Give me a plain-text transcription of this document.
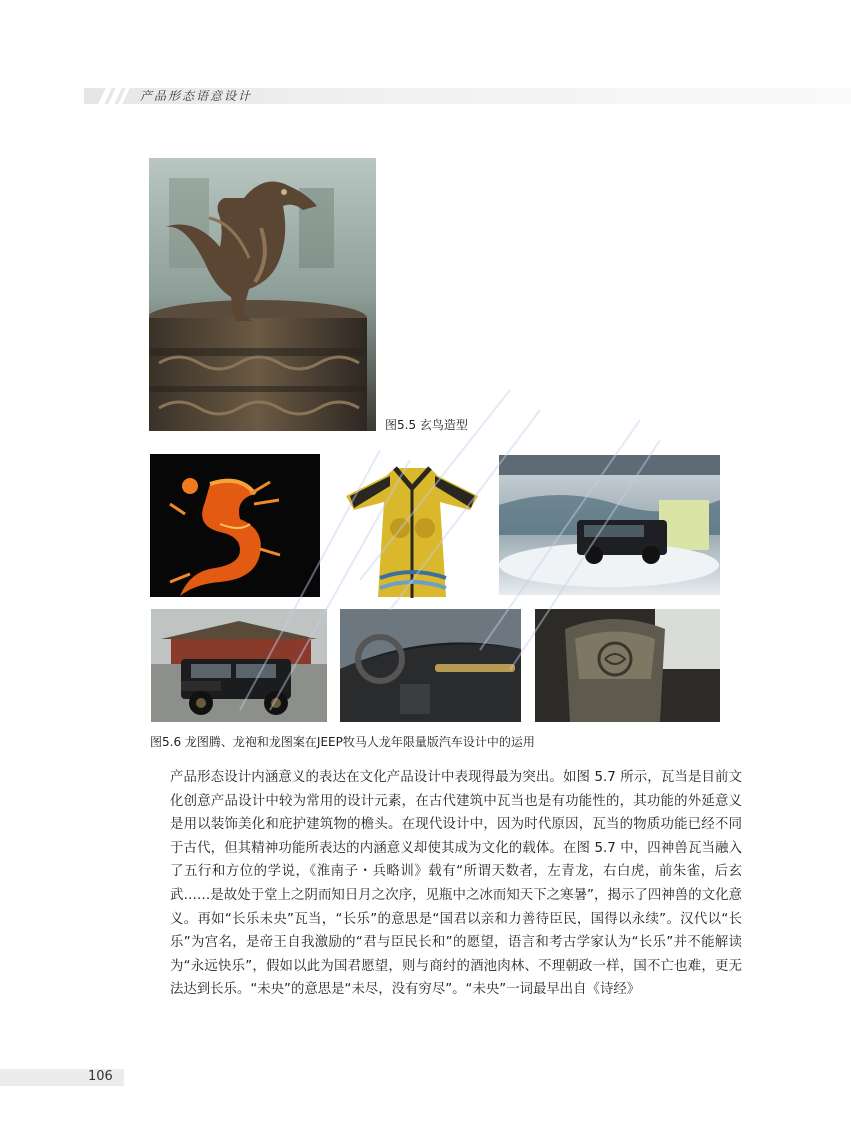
产品形态语意设计
图5.5 玄鸟造型
图5.6 龙图腾、龙袍和龙图案在JEEP牧马人龙年限量版汽车设计中的运用

产品形态设计内涵意义的表达在文化产品设计中表现得最为突出。如图 5.7 所示，瓦当是目前文化创意产品设计中较为常用的设计元素，在古代建筑中瓦当也是有功能性的，其功能的外延意义是用以装饰美化和庇护建筑物的檐头。在现代设计中，因为时代原因，瓦当的物质功能已经不同于古代，但其精神功能所表达的内涵意义却使其成为文化的载体。在图 5.7 中，四神兽瓦当融入了五行和方位的学说，《淮南子・兵略训》载有“所谓天数者，左青龙，右白虎，前朱雀，后玄武……是故处于堂上之阴而知日月之次序，见瓶中之冰而知天下之寒暑”，揭示了四神兽的文化意义。再如“长乐未央”瓦当，“长乐”的意思是“国君以亲和力善待臣民，国得以永续”。汉代以“长乐”为宫名，是帝王自我激励的“君与臣民长和”的愿望，语言和考古学家认为“长乐”并不能解读为“永远快乐”，假如以此为国君愿望，则与商纣的酒池肉林、不理朝政一样，国不亡也难，更无法达到长乐。“未央”的意思是“未尽，没有穷尽”。“未央”一词最早出自《诗经》

106
